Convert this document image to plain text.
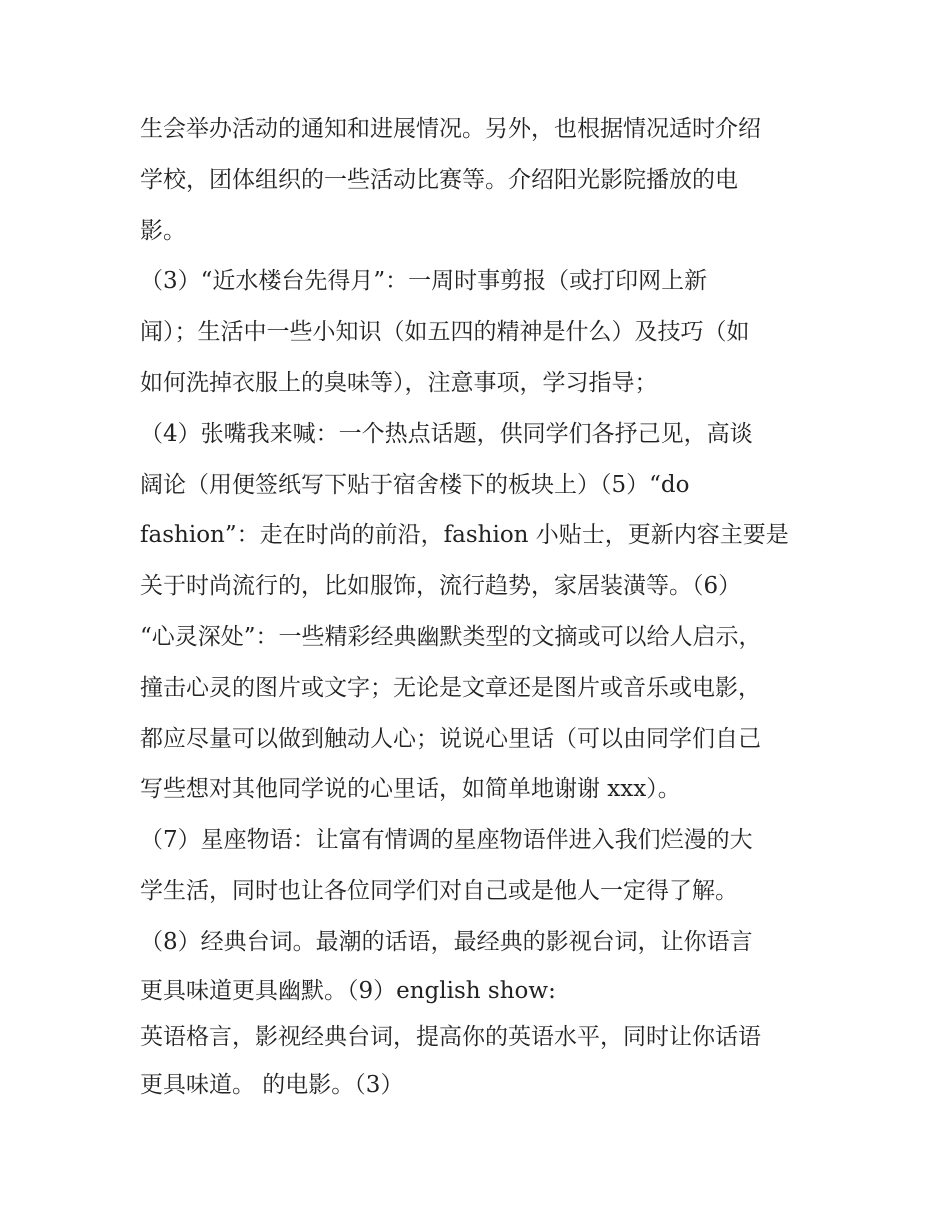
生会举办活动的通知和进展情况。另外，也根据情况适时介绍
学校，团体组织的一些活动比赛等。介绍阳光影院播放的电
影。
（3）“近水楼台先得月”：一周时事剪报（或打印网上新
闻）；生活中一些小知识（如五四的精神是什么）及技巧（如
如何洗掉衣服上的臭味等），注意事项，学习指导；
（4）张嘴我来喊：一个热点话题，供同学们各抒己见，高谈
阔论（用便签纸写下贴于宿舍楼下的板块上）（5）“do
fashion”：走在时尚的前沿，fashion 小贴士，更新内容主要是
关于时尚流行的，比如服饰，流行趋势，家居装潢等。（6）
“心灵深处”：一些精彩经典幽默类型的文摘或可以给人启示，
撞击心灵的图片或文字；无论是文章还是图片或音乐或电影，
都应尽量可以做到触动人心；说说心里话（可以由同学们自己
写些想对其他同学说的心里话，如简单地谢谢 xxx）。
（7）星座物语：让富有情调的星座物语伴进入我们烂漫的大
学生活，同时也让各位同学们对自己或是他人一定得了解。
（8）经典台词。最潮的话语，最经典的影视台词，让你语言
更具味道更具幽默。（9）english show:
英语格言，影视经典台词，提高你的英语水平，同时让你话语
更具味道。 的电影。（3）
